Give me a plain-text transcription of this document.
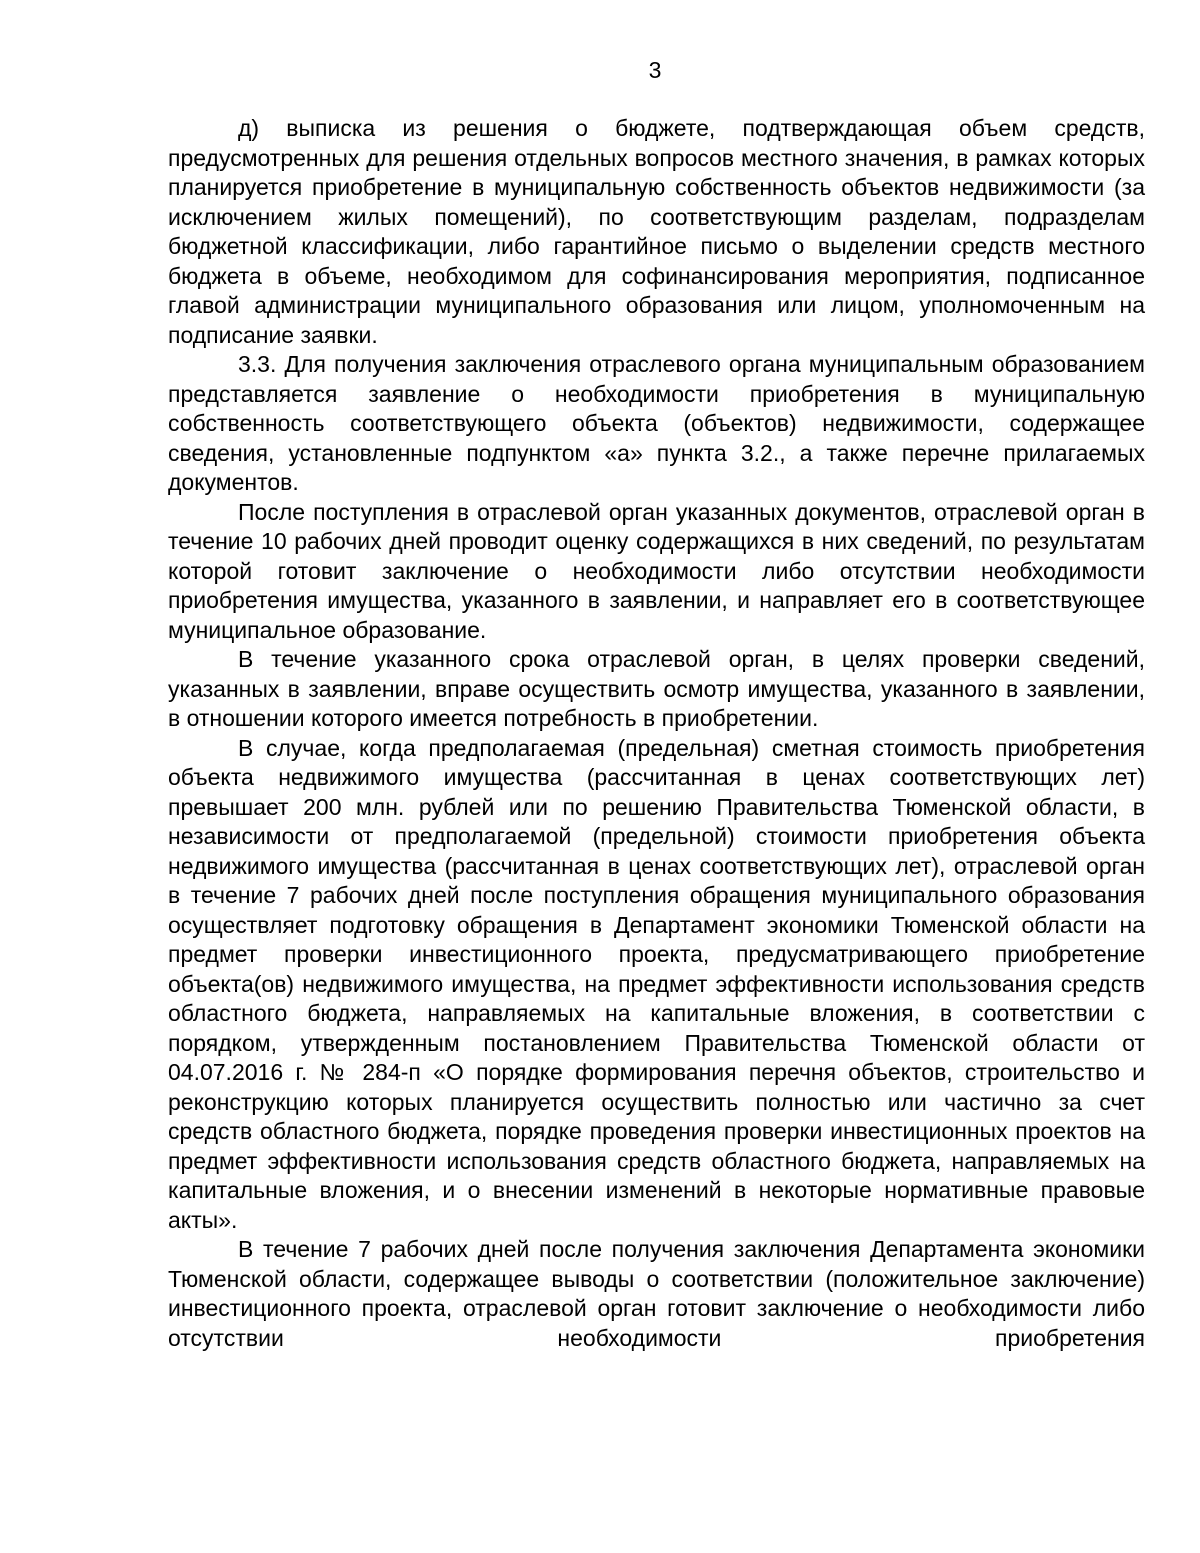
3

д) выписка из решения о бюджете, подтверждающая объем средств, предусмотренных для решения отдельных вопросов местного значения, в рамках которых планируется приобретение в муниципальную собственность объектов недвижимости (за исключением жилых помещений), по соответствующим разделам, подразделам бюджетной классификации, либо гарантийное письмо о выделении средств местного бюджета в объеме, необходимом для софинансирования мероприятия, подписанное главой администрации муниципального образования или лицом, уполномоченным на подписание заявки.

3.3. Для получения заключения отраслевого органа муниципальным образованием представляется заявление о необходимости приобретения в муниципальную собственность соответствующего объекта (объектов) недвижимости, содержащее сведения, установленные подпунктом «а» пункта 3.2., а также перечне прилагаемых документов.

После поступления в отраслевой орган указанных документов, отраслевой орган в течение 10 рабочих дней проводит оценку содержащихся в них сведений, по результатам которой готовит заключение о необходимости либо отсутствии необходимости приобретения имущества, указанного в заявлении, и направляет его в соответствующее муниципальное образование.

В течение указанного срока отраслевой орган, в целях проверки сведений, указанных в заявлении, вправе осуществить осмотр имущества, указанного в заявлении, в отношении которого имеется потребность в приобретении.

В случае, когда предполагаемая (предельная) сметная стоимость приобретения объекта недвижимого имущества (рассчитанная в ценах соответствующих лет) превышает 200 млн. рублей или по решению Правительства Тюменской области, в независимости от предполагаемой (предельной) стоимости приобретения объекта недвижимого имущества (рассчитанная в ценах соответствующих лет), отраслевой орган в течение 7 рабочих дней после поступления обращения муниципального образования осуществляет подготовку обращения в Департамент экономики Тюменской области на предмет проверки инвестиционного проекта, предусматривающего приобретение объекта(ов) недвижимого имущества, на предмет эффективности использования средств областного бюджета, направляемых на капитальные вложения, в соответствии с порядком, утвержденным постановлением Правительства Тюменской области от 04.07.2016 г. № 284-п «О порядке формирования перечня объектов, строительство и реконструкцию которых планируется осуществить полностью или частично за счет средств областного бюджета, порядке проведения проверки инвестиционных проектов на предмет эффективности использования средств областного бюджета, направляемых на капитальные вложения, и о внесении изменений в некоторые нормативные правовые акты».

В течение 7 рабочих дней после получения заключения Департамента экономики Тюменской области, содержащее выводы о соответствии (положительное заключение) инвестиционного проекта, отраслевой орган готовит заключение о необходимости либо отсутствии необходимости приобретения
